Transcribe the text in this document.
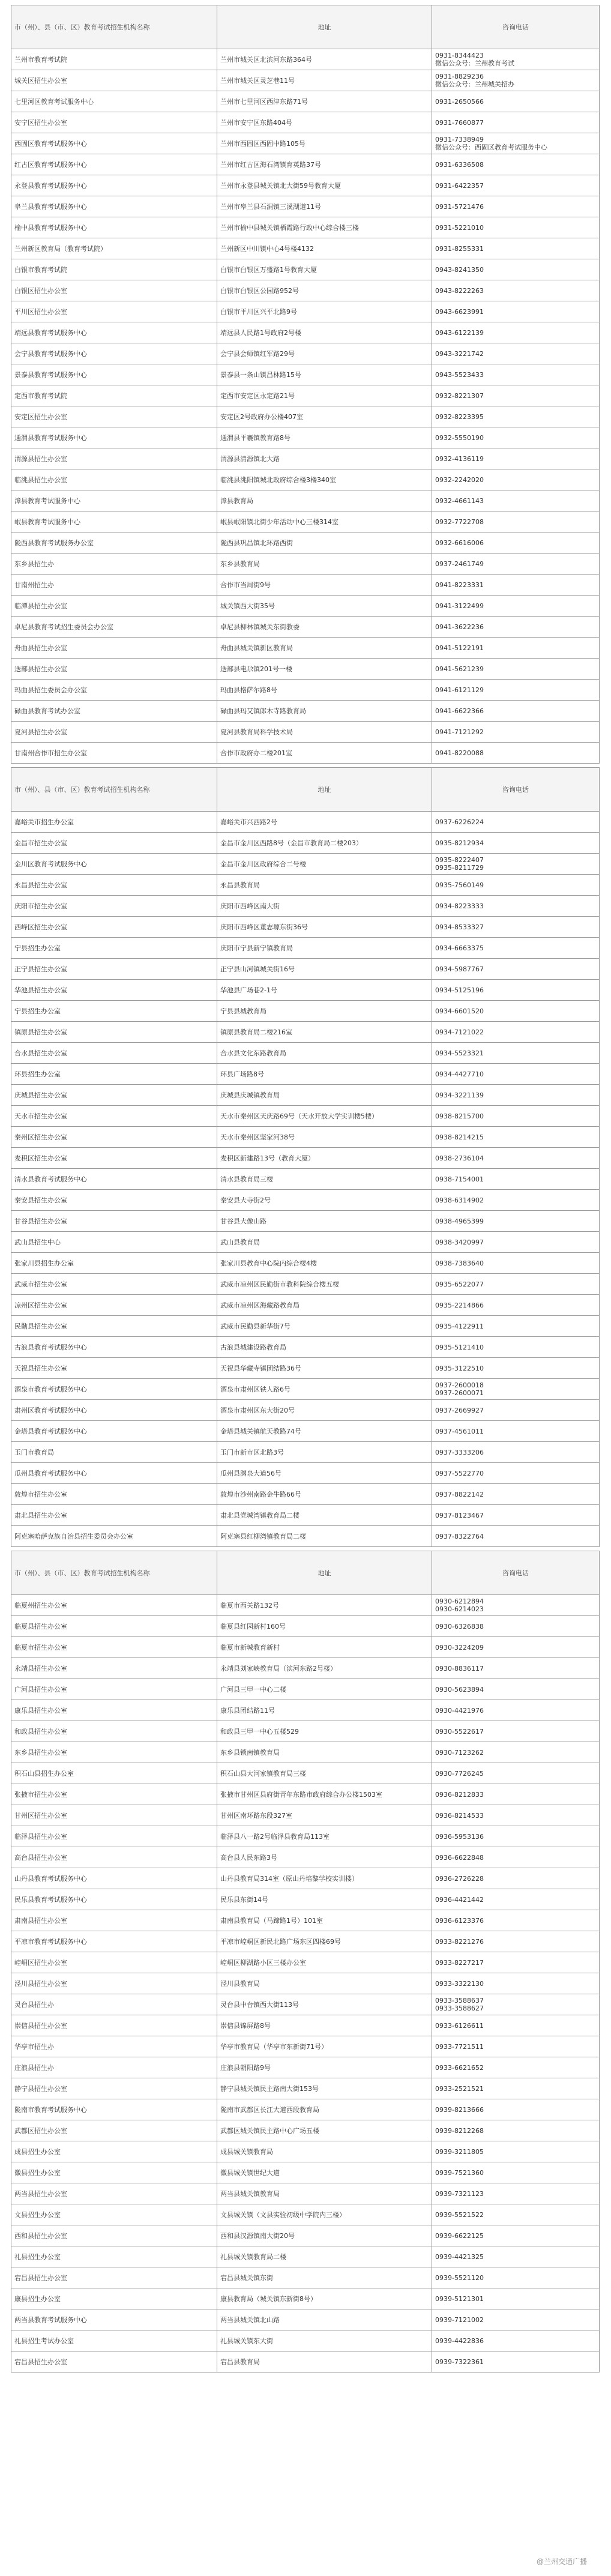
市（州）、县（市、区）教育考试招生机构名称	地址	咨询电话
兰州市教育考试院	兰州市城关区北滨河东路364号	0931-8344423
微信公众号：兰州教育考试
城关区招生办公室	兰州市城关区灵芝巷11号	0931-8829236
微信公众号：兰州城关招办
七里河区教育考试服务中心	兰州市七里河区西津东路71号	0931-2650566
安宁区招生办公室	兰州市安宁区东路404号	0931-7660877
西固区教育考试服务中心	兰州市西固区西固中路105号	0931-7338949
微信公众号：西固区教育考试服务中心
红古区教育考试服务中心	兰州市红古区海石湾镇育英路37号	0931-6336508
永登县教育考试服务中心	兰州市永登县城关镇北大街59号教育大厦	0931-6422357
皋兰县教育考试服务中心	兰州市皋兰县石洞镇三溪湖道11号	0931-5721476
榆中县教育考试服务中心	兰州市榆中县城关镇栖霞路行政中心综合楼三楼	0931-5221010
兰州新区教育局（教育考试院）	兰州新区中川镇中心4号楼4132	0931-8255331
白银市教育考试院	白银市白银区万盛路1号教育大厦	0943-8241350
白银区招生办公室	白银市白银区公园路952号	0943-8222263
平川区招生办公室	白银市平川区兴平北路9号	0943-6623991
靖远县教育考试服务中心	靖远县人民路1号政府2号楼	0943-6122139
会宁县教育考试服务中心	会宁县会师镇红军路29号	0943-3221742
景泰县教育考试服务中心	景泰县一条山镇昌林路15号	0943-5523433
定西市教育考试院	定西市安定区永定路21号	0932-8221307
安定区招生办公室	安定区2号政府办公楼407室	0932-8223395
通渭县教育考试服务中心	通渭县平襄镇教育路8号	0932-5550190
渭源县招生办公室	渭源县清源镇北大路	0932-4136119
临洮县招生办公室	临洮县洮阳镇城北政府综合楼3楼340室	0932-2242020
漳县教育考试服务中心	漳县教育局	0932-4661143
岷县教育考试服务中心	岷县岷阳镇北街少年活动中心三楼314室	0932-7722708
陇西县教育考试服务办公室	陇西县巩昌镇北环路西街	0932-6616006
东乡县招生办	东乡县教育局	0937-2461749
甘南州招生办	合作市当周街9号	0941-8223331
临潭县招生办公室	城关镇西大街35号	0941-3122499
卓尼县教育考试招生委员会办公室	卓尼县柳林镇城关东街教委	0941-3622236
舟曲县招生办公室	舟曲县城关镇新区教育局	0941-5122191
迭部县招生办公室	迭部县电尕镇201号一楼	0941-5621239
玛曲县招生委员会办公室	玛曲县格萨尔路8号	0941-6121129
碌曲县教育考试办公室	碌曲县玛艾镇郎木寺路教育局	0941-6622366
夏河县招生办公室	夏河县教育局科学技术局	0941-7121292
甘南州合作市招生办公室	合作市政府办二楼201室	0941-8220088
市（州）、县（市、区）教育考试招生机构名称	地址	咨询电话
嘉峪关市招生办公室	嘉峪关市兴西路2号	0937-6226224
金昌市招生办公室	金昌市金川区西路8号（金昌市教育局二楼203）	0935-8212934
金川区教育考试服务中心	金昌市金川区政府综合二号楼	0935-8222407
0935-8211729
永昌县招生办公室	永昌县教育局	0935-7560149
庆阳市招生办公室	庆阳市西峰区南大街	0934-8223333
西峰区招生办公室	庆阳市西峰区董志塬东街36号	0934-8533327
宁县招生办公室	庆阳市宁县新宁镇教育局	0934-6663375
正宁县招生办公室	正宁县山河镇城关街16号	0934-5987767
华池县招生办公室	华池县广场巷2-1号	0934-5125196
宁县招生办公室	宁县县城教育局	0934-6601520
镇原县招生办公室	镇原县教育局二楼216室	0934-7121022
合水县招生办公室	合水县文化东路教育局	0934-5523321
环县招生办公室	环县广场路8号	0934-4427710
庆城县招生办公室	庆城县庆城镇教育局	0934-3221139
天水市招生办公室	天水市秦州区天庆路69号（天水开放大学实训楼5楼）	0938-8215700
秦州区招生办公室	天水市秦州区坚家河38号	0938-8214215
麦积区招生办公室	麦积区新建路13号（教育大厦）	0938-2736104
清水县教育考试服务中心	清水县教育局三楼	0938-7154001
秦安县招生办公室	秦安县大寺街2号	0938-6314902
甘谷县招生办公室	甘谷县大像山路	0938-4965399
武山县招生中心	武山县教育局	0938-3420997
张家川县招生办公室	张家川县教育中心院内综合楼4楼	0938-7383640
武威市招生办公室	武威市凉州区民勤街市教科院综合楼五楼	0935-6522077
凉州区招生办公室	武威市凉州区海藏路教育局	0935-2214866
民勤县招生办公室	武威市民勤县新华街7号	0935-4122911
古浪县教育考试服务中心	古浪县城建设路教育局	0935-5121410
天祝县招生办公室	天祝县华藏寺镇团结路36号	0935-3122510
酒泉市教育考试服务中心	酒泉市肃州区铁人路6号	0937-2600018
0937-2600071
肃州区教育考试服务中心	酒泉市肃州区东大街20号	0937-2669927
金塔县教育考试服务中心	金塔县城关镇航天教路74号	0937-4561011
玉门市教育局	玉门市新市区北路3号	0937-3333206
瓜州县教育考试服务中心	瓜州县渊泉大道56号	0937-5522770
敦煌市招生办公室	敦煌市沙州南路金牛路66号	0937-8822142
肃北县招生办公室	肃北县党城湾镇教育局二楼	0937-8123467
阿克塞哈萨克族自治县招生委员会办公室	阿克塞县红柳湾镇教育局二楼	0937-8322764
市（州）、县（市、区）教育考试招生机构名称	地址	咨询电话
临夏州招生办公室	临夏市西关路132号	0930-6212894
0930-6214023
临夏县招生办公室	临夏县红园新村160号	0930-6326838
临夏市招生办公室	临夏市新城教育新村	0930-3224209
永靖县招生办公室	永靖县刘家峡教育局（滨河东路2号楼）	0930-8836117
广河县招生办公室	广河县三甲一中心二楼	0930-5623894
康乐县招生办公室	康乐县团结路11号	0930-4421976
和政县招生办公室	和政县三甲一中心五楼529	0930-5522617
东乡县招生办公室	东乡县锁南镇教育局	0930-7123262
积石山县招生办公室	积石山县大河家镇教育局三楼	0930-7726245
张掖市招生办公室	张掖市甘州区县府街青年东路市政府综合办公楼1503室	0936-8212833
甘州区招生办公室	甘州区南环路东段327室	0936-8214533
临泽县招生办公室	临泽县八一路2号临泽县教育局113室	0936-5953136
高台县招生办公室	高台县人民东路3号	0936-6622848
山丹县教育考试服务中心	山丹县教育局314室（原山丹培黎学校实训楼）	0936-2726228
民乐县教育考试服务中心	民乐县东街14号	0936-4421442
肃南县招生办公室	肃南县教育局（马蹄路1号）101室	0936-6123376
平凉市教育考试服务中心	平凉市崆峒区新民北路广场东区四楼69号	0933-8221276
崆峒区招生办公室	崆峒区柳湖路小区三楼办公室	0933-8227217
泾川县招生办公室	泾川县教育局	0933-3322130
灵台县招生办	灵台县中台镇西大街113号	0933-3588637
0933-3588627
崇信县招生办公室	崇信县锦屏路8号	0933-6126611
华亭市招生办	华亭市教育局（华亭市东新街71号）	0933-7721511
庄浪县招生办	庄浪县朝阳路9号	0933-6621652
静宁县招生办公室	静宁县城关镇民主路南大街153号	0933-2521521
陇南市教育考试服务中心	陇南市武都区长江大道西段教育局	0939-8213666
武都区招生办公室	武都区城关镇民主路中心广场五楼	0939-8212268
成县招生办公室	成县城关镇教育局	0939-3211805
徽县招生办公室	徽县城关镇世纪大道	0939-7521360
两当县招生办公室	两当县城关镇教育局	0939-7321123
文县招生办公室	文县城关镇（文县实验初级中学院内三楼）	0939-5521522
西和县招生办公室	西和县汉源镇南大街20号	0939-6622125
礼县招生办公室	礼县城关镇教育局二楼	0939-4421325
宕昌县招生办公室	宕昌县城关镇东街	0939-5521120
康县招生办公室	康县教育局（城关镇东新街8号）	0939-5121301
两当县教育考试服务中心	两当县城关镇北山路	0939-7121002
礼县招生考试办公室	礼县城关镇东大街	0939-4422836
宕昌县招生办公室	宕昌县教育局	0939-7322361
@兰州交通广播
